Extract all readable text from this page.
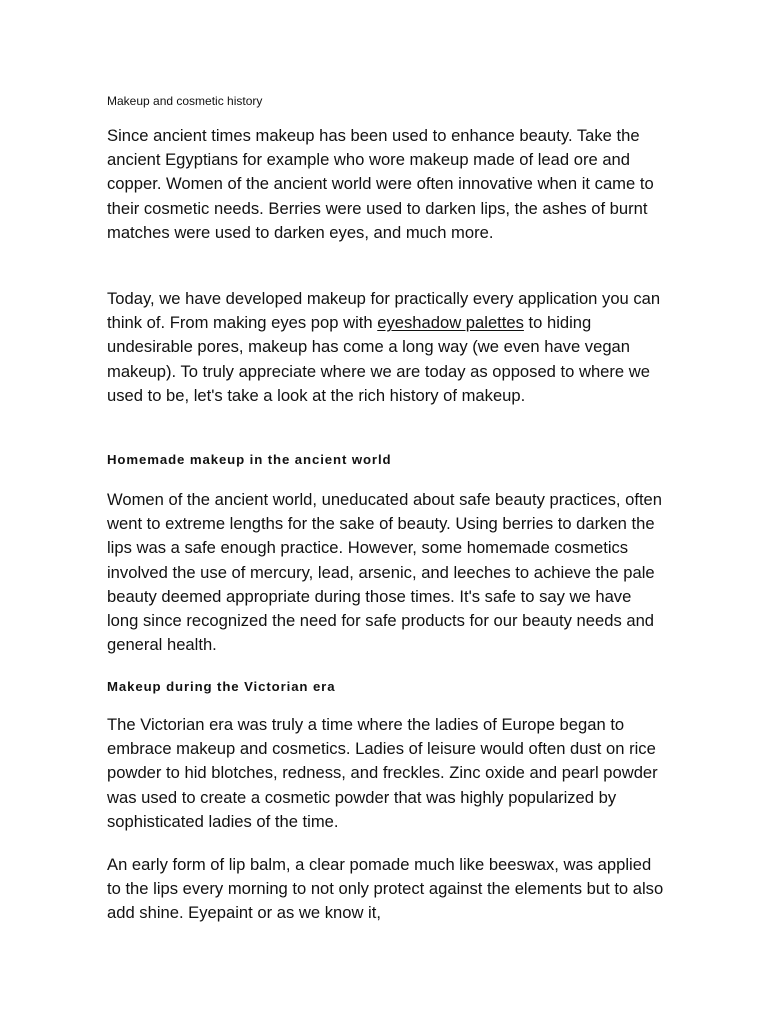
Makeup and cosmetic history

Since ancient times makeup has been used to enhance beauty. Take the ancient Egyptians for example who wore makeup made of lead ore and copper. Women of the ancient world were often innovative when it came to their cosmetic needs. Berries were used to darken lips, the ashes of burnt matches were used to darken eyes, and much more.

Today, we have developed makeup for practically every application you can think of. From making eyes pop with eyeshadow palettes to hiding undesirable pores, makeup has come a long way (we even have vegan makeup). To truly appreciate where we are today as opposed to where we used to be, let's take a look at the rich history of makeup.

Homemade makeup in the ancient world

Women of the ancient world, uneducated about safe beauty practices, often went to extreme lengths for the sake of beauty. Using berries to darken the lips was a safe enough practice. However, some homemade cosmetics involved the use of mercury, lead, arsenic, and leeches to achieve the pale beauty deemed appropriate during those times. It's safe to say we have long since recognized the need for safe products for our beauty needs and general health.

Makeup during the Victorian era

The Victorian era was truly a time where the ladies of Europe began to embrace makeup and cosmetics. Ladies of leisure would often dust on rice powder to hid blotches, redness, and freckles. Zinc oxide and pearl powder was used to create a cosmetic powder that was highly popularized by sophisticated ladies of the time.

An early form of lip balm, a clear pomade much like beeswax, was applied to the lips every morning to not only protect against the elements but to also add shine. Eyepaint or as we know it,
